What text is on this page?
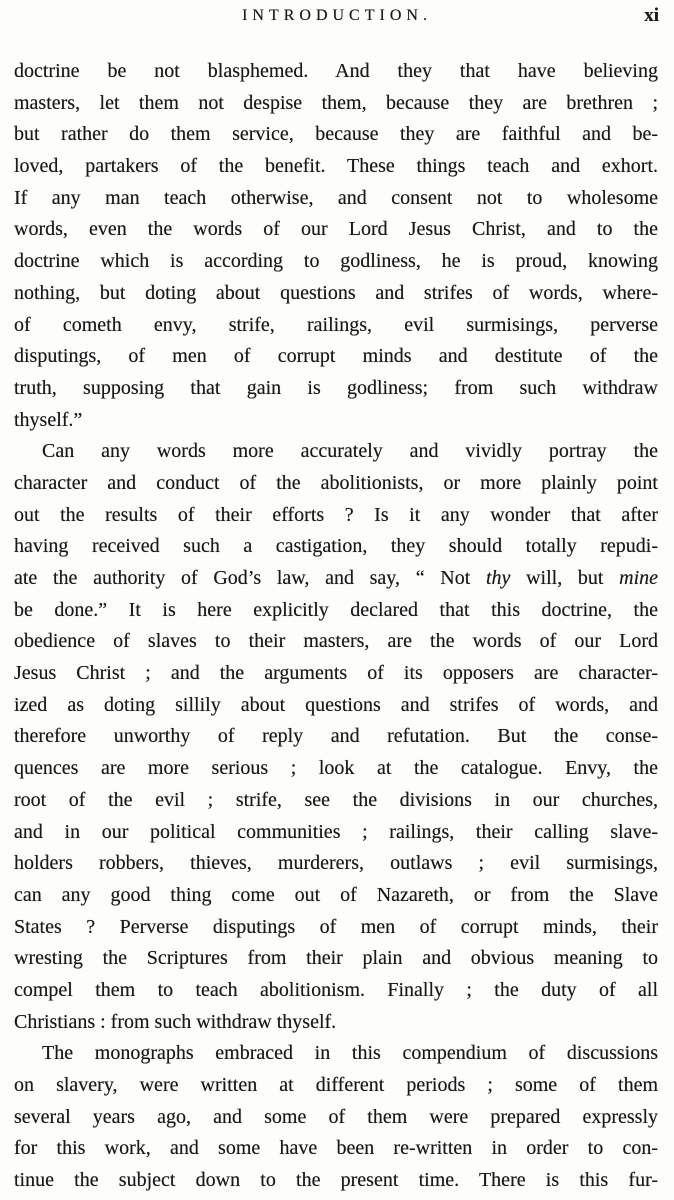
INTRODUCTION.	xi
doctrine be not blasphemed. And they that have believing
masters, let them not despise them, because they are brethren ;
but rather do them service, because they are faithful and be-
loved, partakers of the benefit. These things teach and exhort.
If any man teach otherwise, and consent not to wholesome
words, even the words of our Lord Jesus Christ, and to the
doctrine which is according to godliness, he is proud, knowing
nothing, but doting about questions and strifes of words, where-
of cometh envy, strife, railings, evil surmisings, perverse
disputings, of men of corrupt minds and destitute of the
truth, supposing that gain is godliness; from such withdraw
thyself.”
Can any words more accurately and vividly portray the
character and conduct of the abolitionists, or more plainly point
out the results of their efforts ? Is it any wonder that after
having received such a castigation, they should totally repudi-
ate the authority of God’s law, and say, “ Not thy will, but mine
be done.” It is here explicitly declared that this doctrine, the
obedience of slaves to their masters, are the words of our Lord
Jesus Christ ; and the arguments of its opposers are character-
ized as doting sillily about questions and strifes of words, and
therefore unworthy of reply and refutation. But the conse-
quences are more serious ; look at the catalogue. Envy, the
root of the evil ; strife, see the divisions in our churches,
and in our political communities ; railings, their calling slave-
holders robbers, thieves, murderers, outlaws ; evil surmisings,
can any good thing come out of Nazareth, or from the Slave
States ? Perverse disputings of men of corrupt minds, their
wresting the Scriptures from their plain and obvious meaning to
compel them to teach abolitionism. Finally ; the duty of all
Christians : from such withdraw thyself.
The monographs embraced in this compendium of discussions
on slavery, were written at different periods ; some of them
several years ago, and some of them were prepared expressly
for this work, and some have been re-written in order to con-
tinue the subject down to the present time. There is this fur-
